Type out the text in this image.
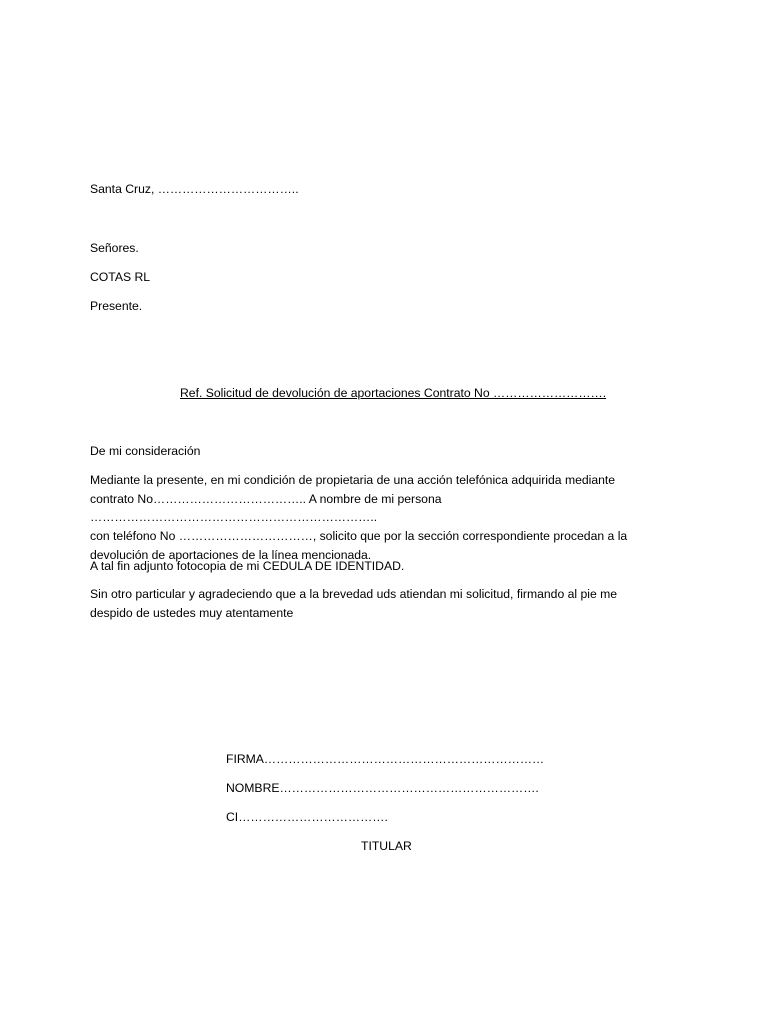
Santa Cruz, ……………………………..
Señores.
COTAS RL
Presente.
Ref. Solicitud de devolución de aportaciones Contrato No ……………………….
De mi consideración
Mediante la presente, en mi condición de propietaria de una acción telefónica adquirida mediante
contrato No……………………………….. A nombre de mi persona ……………………………………………………………..
con teléfono No ……………………………, solicito que por la sección correspondiente procedan a la
devolución de aportaciones de la línea mencionada.
A tal fin adjunto fotocopia de mi CEDULA DE IDENTIDAD.
Sin otro particular y agradeciendo que a la brevedad uds atiendan mi solicitud, firmando al pie me
despido de ustedes muy atentamente
FIRMA……………………………………………………………
NOMBRE……………………………………………………….
CI……………………………….
TITULAR
